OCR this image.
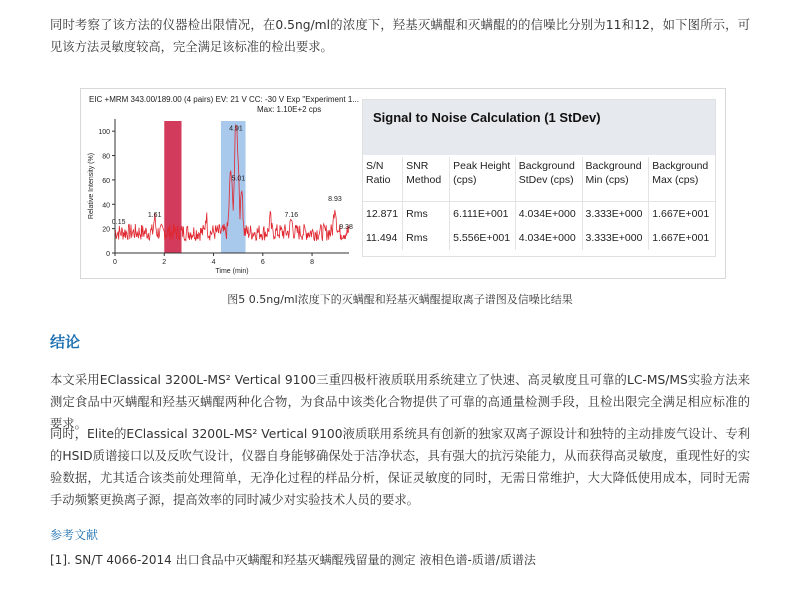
同时考察了该方法的仪器检出限情况，在0.5ng/ml的浓度下，羟基灭螨醌和灭螨醌的的信噪比分别为11和12，如下图所示，可见该方法灵敏度较高，完全满足该标准的检出要求。

EIC +MRM 343.00/189.00 (4 pairs) EV: 21 V CC: -30 V Exp "Experiment 1...
Max: 1.10E+2 cps
0
20
40
60
80
100
0	2	4	6	8
Time (min)
Relative Intensity (%)
0.15
1.61
4.91
5.01
7.16
8.93
9.38
Signal to Noise Calculation (1 StDev)
S/N Ratio	SNR Method	Peak Height (cps)	Background StDev (cps)	Background Min (cps)	Background Max (cps)
12.871	Rms	6.111E+001	4.034E+000	3.333E+000	1.667E+001
11.494	Rms	5.556E+001	4.034E+000	3.333E+000	1.667E+001
图5 0.5ng/ml浓度下的灭螨醌和羟基灭螨醌提取离子谱图及信噪比结果
结论

本文采用EClassical 3200L-MS² Vertical 9100三重四极杆液质联用系统建立了快速、高灵敏度且可靠的LC-MS/MS实验方法来测定食品中灭螨醌和羟基灭螨醌两种化合物，为食品中该类化合物提供了可靠的高通量检测手段，且检出限完全满足相应标准的要求。

同时，Elite的EClassical 3200L-MS² Vertical 9100液质联用系统具有创新的独家双离子源设计和独特的主动排废气设计、专利的HSID质谱接口以及反吹气设计，仪器自身能够确保处于洁净状态，具有强大的抗污染能力，从而获得高灵敏度，重现性好的实验数据，尤其适合该类前处理简单，无净化过程的样品分析，保证灵敏度的同时，无需日常维护，大大降低使用成本，同时无需手动频繁更换离子源，提高效率的同时减少对实验技术人员的要求。

参考文献
[1]. SN/T 4066-2014 出口食品中灭螨醌和羟基灭螨醌残留量的测定 液相色谱-质谱/质谱法
